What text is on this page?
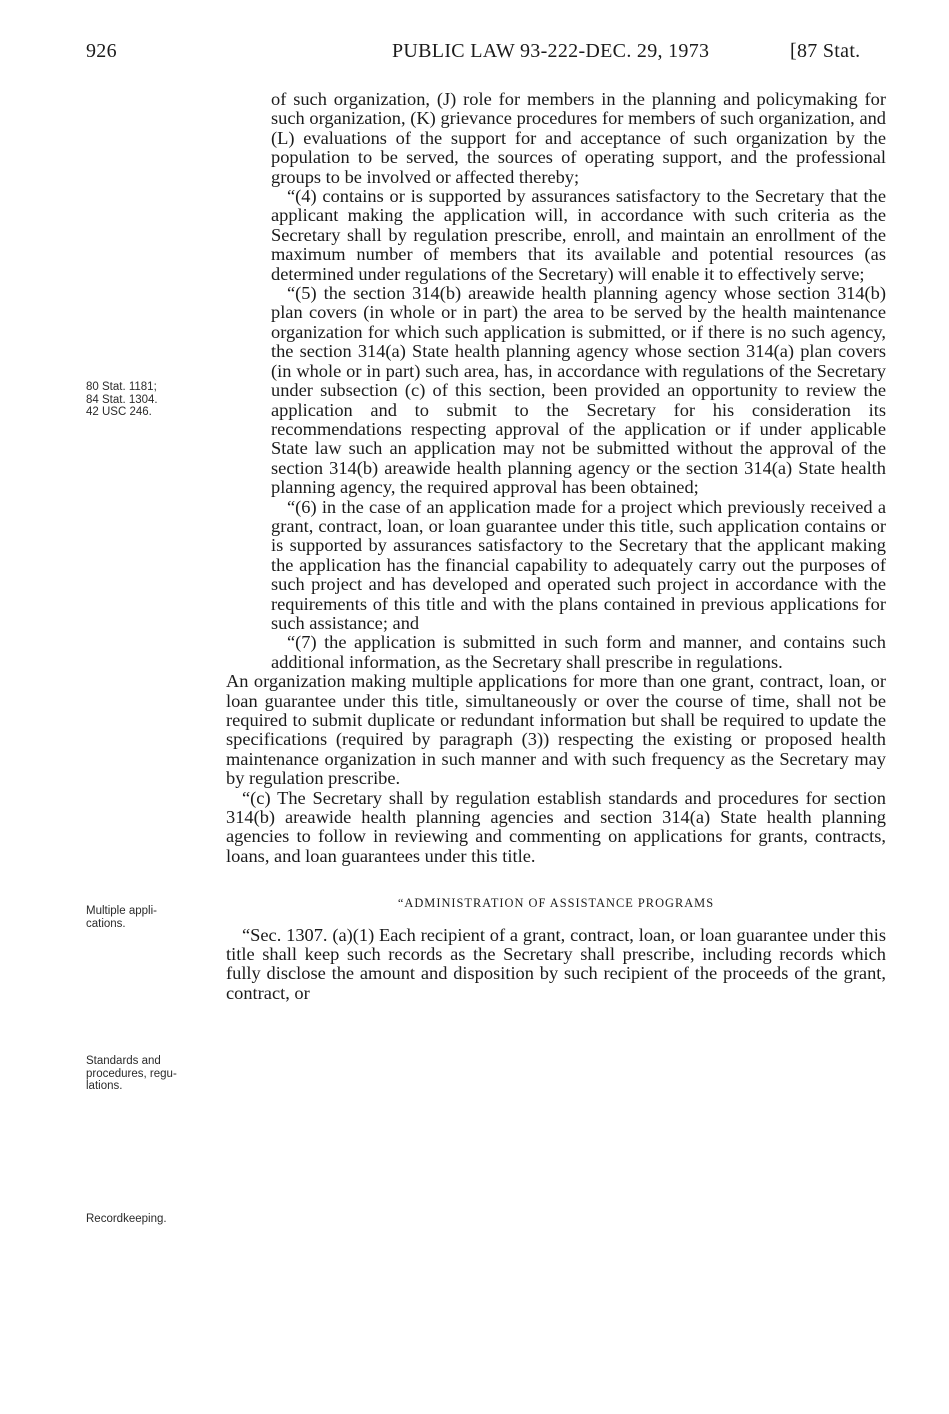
926	PUBLIC LAW 93-222-DEC. 29, 1973	[87 Stat.
80 Stat. 1181;
84 Stat. 1304.
42 USC 246.
Multiple appli-
cations.
Standards and
procedures, regu-
lations.
Recordkeeping.

of such organization, (J) role for members in the planning and policymaking for such organization, (K) grievance procedures for members of such organization, and (L) evaluations of the support for and acceptance of such organization by the population to be served, the sources of operating support, and the professional groups to be involved or affected thereby;

“(4) contains or is supported by assurances satisfactory to the Secretary that the applicant making the application will, in accordance with such criteria as the Secretary shall by regulation prescribe, enroll, and maintain an enrollment of the maximum number of members that its available and potential resources (as determined under regulations of the Secretary) will enable it to effectively serve;

“(5) the section 314(b) areawide health planning agency whose section 314(b) plan covers (in whole or in part) the area to be served by the health maintenance organization for which such application is submitted, or if there is no such agency, the section 314(a) State health planning agency whose section 314(a) plan covers (in whole or in part) such area, has, in accordance with regulations of the Secretary under subsection (c) of this section, been provided an opportunity to review the application and to submit to the Secretary for his consideration its recommendations respecting approval of the application or if under applicable State law such an application may not be submitted without the approval of the section 314(b) areawide health planning agency or the section 314(a) State health planning agency, the required approval has been obtained;

“(6) in the case of an application made for a project which previously received a grant, contract, loan, or loan guarantee under this title, such application contains or is supported by assurances satisfactory to the Secretary that the applicant making the application has the financial capability to adequately carry out the purposes of such project and has developed and operated such project in accordance with the requirements of this title and with the plans contained in previous applications for such assistance; and

“(7) the application is submitted in such form and manner, and contains such additional information, as the Secretary shall prescribe in regulations.

An organization making multiple applications for more than one grant, contract, loan, or loan guarantee under this title, simultaneously or over the course of time, shall not be required to submit duplicate or redundant information but shall be required to update the specifications (required by paragraph (3)) respecting the existing or proposed health maintenance organization in such manner and with such frequency as the Secretary may by regulation prescribe.

“(c) The Secretary shall by regulation establish standards and procedures for section 314(b) areawide health planning agencies and section 314(a) State health planning agencies to follow in reviewing and commenting on applications for grants, contracts, loans, and loan guarantees under this title.

“ADMINISTRATION OF ASSISTANCE PROGRAMS

“Sec. 1307. (a)(1) Each recipient of a grant, contract, loan, or loan guarantee under this title shall keep such records as the Secretary shall prescribe, including records which fully disclose the amount and disposition by such recipient of the proceeds of the grant, contract, or
